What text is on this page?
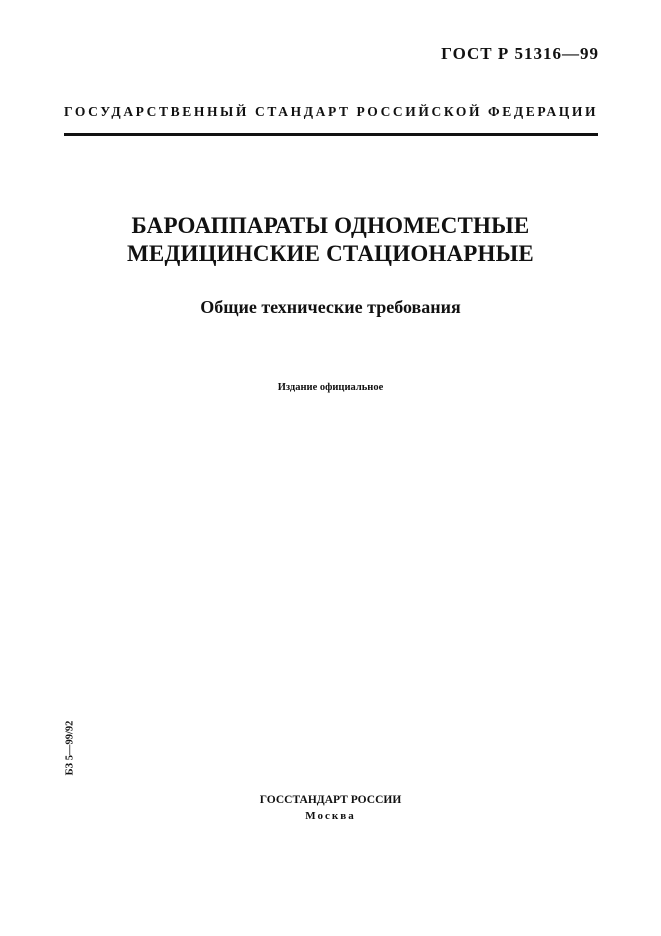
ГОСТ Р 51316—99
ГОСУДАРСТВЕННЫЙ СТАНДАРТ РОССИЙСКОЙ ФЕДЕРАЦИИ
БАРОАППАРАТЫ ОДНОМЕСТНЫЕ
МЕДИЦИНСКИЕ СТАЦИОНАРНЫЕ
Общие технические требования
Издание официальное
БЗ 5—99/92
ГОССТАНДАРТ РОССИИ
Москва
